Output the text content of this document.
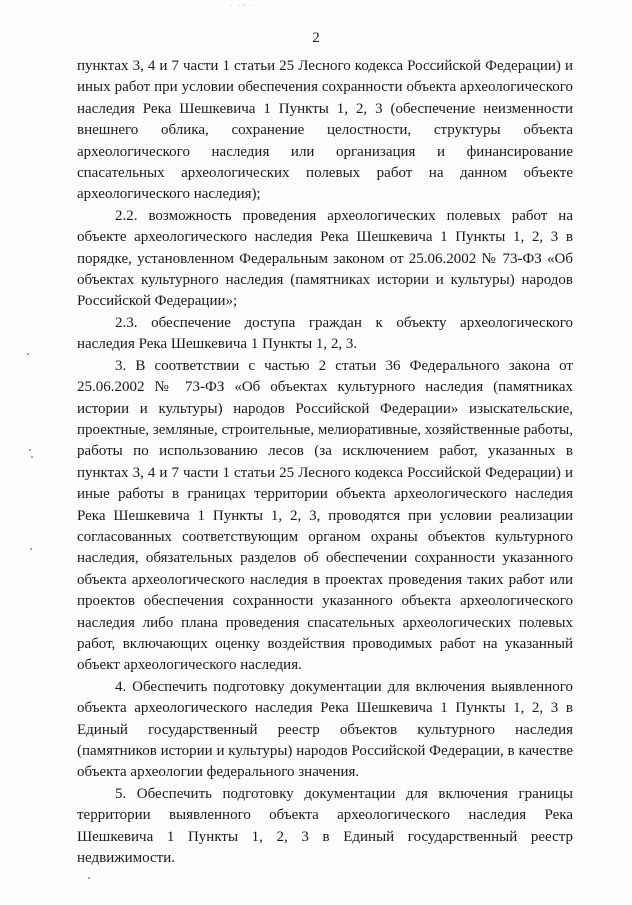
· ·~ ·
2

пунктах 3, 4 и 7 части 1 статьи 25 Лесного кодекса Российской Федерации) и иных работ при условии обеспечения сохранности объекта археологического наследия Река Шешкевича 1 Пункты 1, 2, 3 (обеспечение неизменности внешнего облика, сохранение целостности, структуры объекта археологического наследия или организация и финансирование спасательных археологических полевых работ на данном объекте археологического наследия);

2.2. возможность проведения археологических полевых работ на объекте археологического наследия Река Шешкевича 1 Пункты 1, 2, 3 в порядке, установленном Федеральным законом от 25.06.2002 № 73-ФЗ «Об объектах культурного наследия (памятниках истории и культуры) народов Российской Федерации»;

2.3. обеспечение доступа граждан к объекту археологического наследия Река Шешкевича 1 Пункты 1, 2, 3.

3. В соответствии с частью 2 статьи 36 Федерального закона от 25.06.2002 № 73-ФЗ «Об объектах культурного наследия (памятниках истории и культуры) народов Российской Федерации» изыскательские, проектные, земляные, строительные, мелиоративные, хозяйственные работы, работы по использованию лесов (за исключением работ, указанных в пунктах 3, 4 и 7 части 1 статьи 25 Лесного кодекса Российской Федерации) и иные работы в границах территории объекта археологического наследия Река Шешкевича 1 Пункты 1, 2, 3, проводятся при условии реализации согласованных соответствующим органом охраны объектов культурного наследия, обязательных разделов об обеспечении сохранности указанного объекта археологического наследия в проектах проведения таких работ или проектов обеспечения сохранности указанного объекта археологического наследия либо плана проведения спасательных археологических полевых работ, включающих оценку воздействия проводимых работ на указанный объект археологического наследия.

4. Обеспечить подготовку документации для включения выявленного объекта археологического наследия Река Шешкевича 1 Пункты 1, 2, 3 в Единый государственный реестр объектов культурного наследия (памятников истории и культуры) народов Российской Федерации, в качестве объекта археологии федерального значения.

5. Обеспечить подготовку документации для включения границы территории выявленного объекта археологического наследия Река Шешкевича 1 Пункты 1, 2, 3 в Единый государственный реестр недвижимости.
